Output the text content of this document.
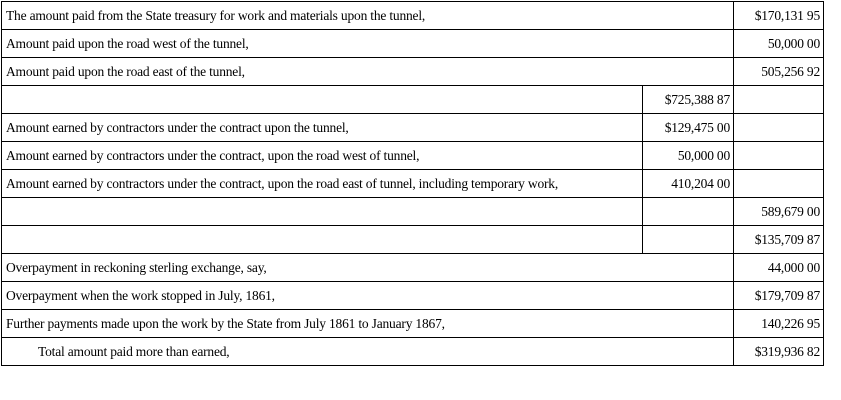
The amount paid from the State treasury for work and materials upon the tunnel,		$170,131 95
Amount paid upon the road west of the tunnel,		50,000 00
Amount paid upon the road east of the tunnel,		505,256 92
	$725,388 87	
Amount earned by contractors under the contract upon the tunnel,	$129,475 00	
Amount earned by contractors under the contract, upon the road west of tunnel,	50,000 00	
Amount earned by contractors under the contract, upon the road east of tunnel, including temporary work,	410,204 00	
		589,679 00
		$135,709 87
Overpayment in reckoning sterling exchange, say,		44,000 00
Overpayment when the work stopped in July, 1861,		$179,709 87
Further payments made upon the work by the State from July 1861 to January 1867,		140,226 95
Total amount paid more than earned,		$319,936 82
